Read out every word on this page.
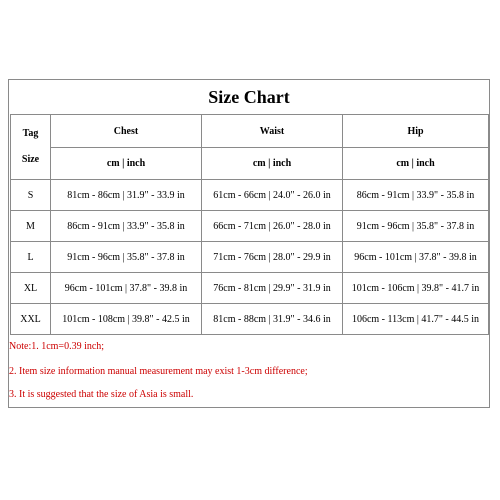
Size Chart
Tag
Size	Chest	Waist	Hip
	cm | inch	cm | inch	cm | inch
S	81cm - 86cm | 31.9" - 33.9 in	61cm - 66cm | 24.0" - 26.0 in	86cm - 91cm | 33.9" - 35.8 in
M	86cm - 91cm | 33.9" - 35.8 in	66cm - 71cm | 26.0" - 28.0 in	91cm - 96cm | 35.8" - 37.8 in
L	91cm - 96cm | 35.8" - 37.8 in	71cm - 76cm | 28.0" - 29.9 in	96cm - 101cm | 37.8" - 39.8 in
XL	96cm - 101cm | 37.8" - 39.8 in	76cm - 81cm | 29.9" - 31.9 in	101cm - 106cm | 39.8" - 41.7 in
XXL	101cm - 108cm | 39.8" - 42.5 in	81cm - 88cm | 31.9" - 34.6 in	106cm - 113cm | 41.7" - 44.5 in
Note:1. 1cm=0.39 inch;
2. Item size information manual measurement may exist 1-3cm difference;
3. It is suggested that the size of Asia is small.
